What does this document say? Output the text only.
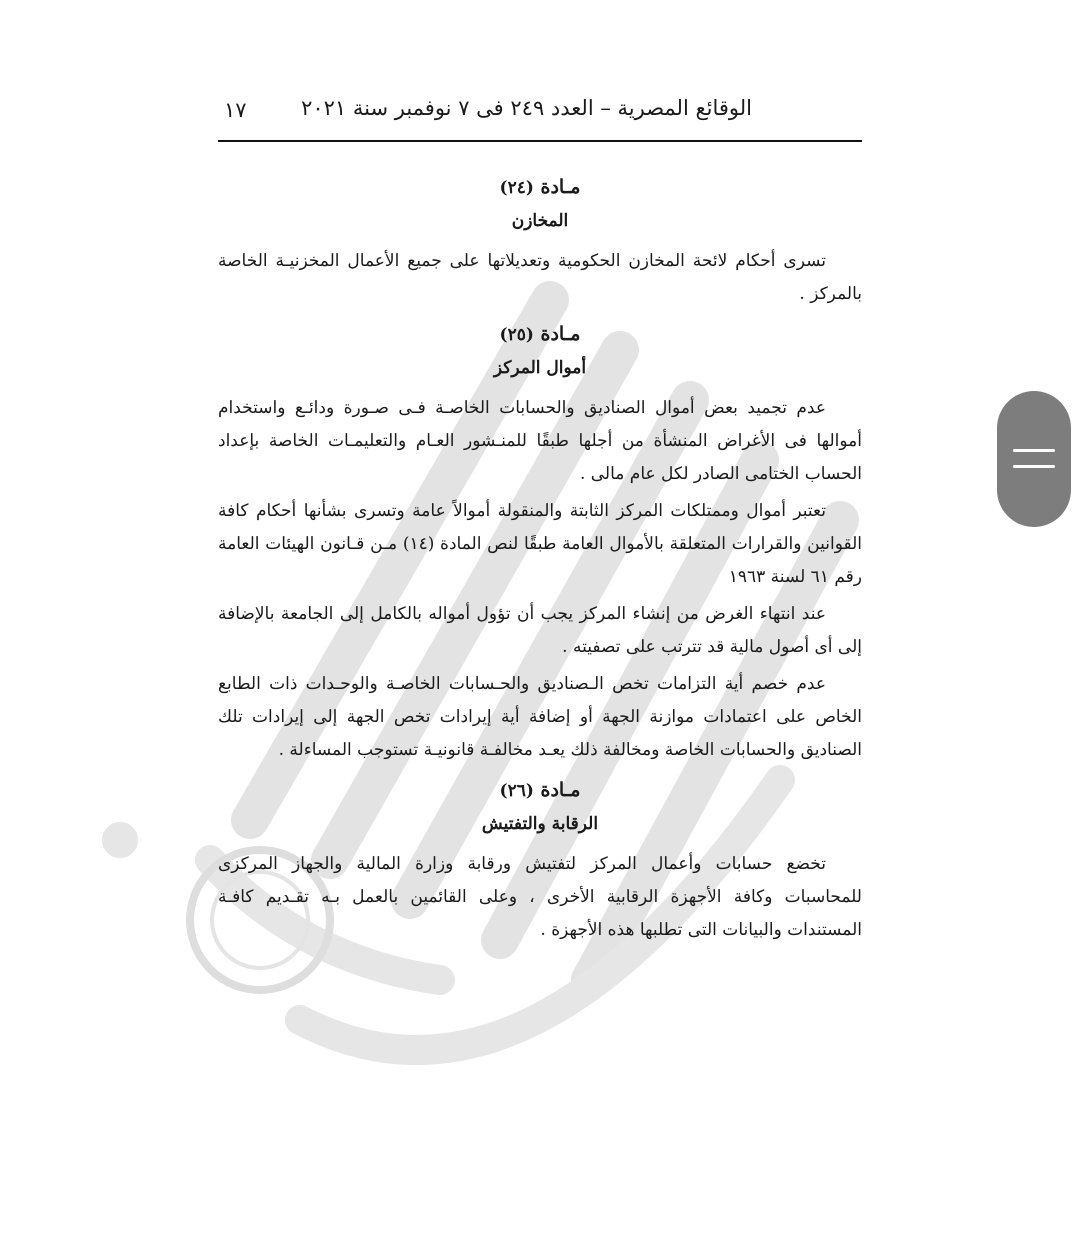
الوقائع المصرية – العدد ٢٤٩ فى ٧ نوفمبر سنة ٢٠٢١
١٧
مـادة (٢٤)
المخازن

تسرى أحكام لائحة المخازن الحكومية وتعديلاتها على جميع الأعمال المخزنيـة الخاصة بالمركز .

مـادة (٢٥)
أموال المركز

عدم تجميد بعض أموال الصناديق والحسابات الخاصـة فـى صـورة ودائـع واستخدام أموالها فى الأغراض المنشأة من أجلها طبقًا للمنـشور العـام والتعليمـات الخاصة بإعداد الحساب الختامى الصادر لكل عام مالى .

تعتبر أموال وممتلكات المركز الثابتة والمنقولة أموالاً عامة وتسرى بشأنها أحكام كافة القوانين والقرارات المتعلقة بالأموال العامة طبقًا لنص المادة (١٤) مـن قـانون الهيئات العامة رقم ٦١ لسنة ١٩٦٣

عند انتهاء الغرض من إنشاء المركز يجب أن تؤول أمواله بالكامل إلى الجامعة بالإضافة إلى أى أصول مالية قد تترتب على تصفيته .

عدم خصم أية التزامات تخص الـصناديق والحـسابات الخاصـة والوحـدات ذات الطابع الخاص على اعتمادات موازنة الجهة أو إضافة أية إيرادات تخص الجهة إلى إيرادات تلك الصناديق والحسابات الخاصة ومخالفة ذلك يعـد مخالفـة قانونيـة تستوجب المساءلة .

مـادة (٢٦)
الرقابة والتفتيش

تخضع حسابات وأعمال المركز لتفتيش ورقابة وزارة المالية والجهاز المركزى للمحاسبات وكافة الأجهزة الرقابية الأخرى ، وعلى القائمين بالعمل بـه تقـديم كافـة المستندات والبيانات التى تطلبها هذه الأجهزة .
